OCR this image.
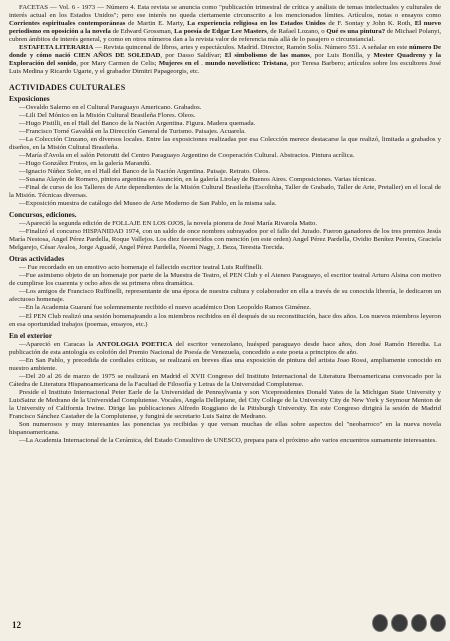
FACETAS — Vol. 6 - 1973 — Número 4. Esta revista se anuncia como "publicación trimestral de crítica y análisis de temas intelectuales y culturales de interés actual en los Estados Unidos"; pero ese interés no queda ciertamente circunscrito a los mencionados límites. Artículos, notas o ensayos como Corrientes espirituales contemporáneas de Martin E. Marty, La experiencia religiosa en los Estados Unidos de F. Sontay y John K. Roth, El nuevo periodismo en oposición a la novela de Edward Grossman, La poesía de Edgar Lee Masters, de Rafael Lozano, o Qué es una pintura? de Michael Polanyi, cubren ámbitos de interés general, y como en otros números dan a la revista valor de referencia más allá de lo pasajero o circunstancial.

ESTAFETA LITERARIA — Revista quincenal de libros, artes y espectáculos. Madrid. Director, Ramón Solís. Número 551. A señalar en este número De donde y cómo nació CIEN AÑOS DE SOLEDAD, por Dasso Saldívar; El simbolismo de las manos, por Luis Bonilla, y Mester Quadreny y la Exploración del sonido, por Mary Carmen de Celis; Mujeres en el . mundo novelístico: Tristana, por Teresa Barbero; artículos sobre los escultores José Luis Medina y Ricardo Ugarte, y el grabador Dimitri Papageorgis, etc.

ACTIVIDADES CULTURALES
Exposiciones

—Osvaldo Salerno en el Cultural Paraguayo Americano. Grabados.

—Lili Del Mónico en la Misión Cultural Brasileña Flores. Oleos.

—Hugo Pistilli, en el Hall del Banco de la Nación Argentina. Figura. Madera quemada.

—Francisco Torné Gavaldá en la Dirección General de Turismo. Paisajes. Acuarela.

—La Colección Cinzano, en diversos locales. Entre las exposiciones realizadas por esa Colección merece destacarse la que realizó, limitada a grabados y diseños, en la Misión Cultural Brasileña.

—María d'Avola en el salón Petorutti del Centro Paraguayo Argentino de Cooperación Cultural. Abstractos. Pintura acrílica.

—Hugo González Frutos, en la galería Marandú.

—Ignacio Núñez Soler, en el Hall del Banco de la Nación Argentina. Paisaje. Retrato. Oleos.

—Susana Alayón de Romero, pintora argentina en Asunción, en la galería Lirolay de Buenos Aires. Composiciones. Varias técnicas.

—Final de curso de los Talleres de Arte dependientes de la Misión Cultural Brasileña (Escolinha, Taller de Grabado, Taller de Arte, Pretaller) en el local de la Misión. Técnicas diversas.

—Exposición muestra de catálogo del Museo de Arte Moderno de San Pablo, en la misma sala.

Concursos, ediciones.

—Apareció la segunda edición de FOLLAJE EN LOS OJOS, la novela pionera de José María Rivarola Matto.

—Finalizó el concurso HISPANIDAD 1974, con un saldo de once nombres subrayados por el fallo del Jurado. Fueron ganadores de los tres premios Jesús María Nestosa, Angel Pérez Pardella, Roque Vallejos. Los diez favorecidos con mención (en este orden) Angel Pérez Pardella, Ovidio Benítez Pereira, Graciela Melgarejo, César Avalos, Jorge Aguadé, Angel Pérez Pardella, Noemí Nagy, J. Beza, Teresita Torcida.

Otras actividades

— Fue recordado en un emotivo acto homenaje el fallecido escritor teatral Luis Ruffinelli.

—Fue asimismo objeto de un homenaje por parte de la Muestra de Teatro, el PEN Club y el Ateneo Paraguayo, el escritor teatral Arturo Alsina con motivo de cumplirse los cuarenta y ocho años de su primera obra dramática.

—Los amigos de Francisco Ruffinelli, representante de una época de nuestra cultura y colaborador en ella a través de su conocida librería, le dedicaron un afectuoso homenaje.

—En la Academia Guaraní fue solemnemente recibido el nuevo académico Don Leopoldo Ramos Giménez.

—El PEN Club realizó una sesión homenajeando a los miembros recibidos en él después de su reconstitución, hace dos años. Los nuevos miembros leyeron en esa oportunidad trabajos (poemas, ensayos, etc.)

En el exterior

—Apareció en Caracas la ANTOLOGIA POETICA del escritor venezolano, huésped paraguayo desde hace años, don José Ramón Heredia. La publicación de esta antología es colofón del Premio Nacional de Poesía de Venezuela, concedido a este poeta a principios de año.

—En San Pablo, y precedida de cordiales críticas, se realizará en breves días una exposición de pintura del artista Joao Rossi, ampliamente conocido en nuestro ambiente.

—Del 20 al 26 de marzo de 1975 se realizará en Madrid el XVII Congreso del Instituto Internacional de Literatura Iberoamericana convocado por la Cátedra de Literatura Hispanoamericana de la Facultad de Filosofía y Letras de la Universidad Complutense.

Preside el Instituto Internacional Peter Earle de la Universidad de Pennsylvania y son Vicepresidentes Donald Yates de la Michigan State University y LuisSainz de Medrano de la Universidad Complutense. Vocales, Angela Dellepiane, del City College de la University City de New York y Seymour Menton de la University of California Irwine. Dirige las publicaciones Alfredo Roggiano de la Pittsburgh University. En este Congreso dirigirá la sesión de Madrid Francisco Sánchez Castañer de la Complutense, y fungirá de secretario Luis Sainz de Medrano.

Son numerosos y muy interesantes las ponencias ya recibidas y que versan muchas de ellas sobre aspectos del "neobarroco" en la nueva novela hispanoamericana.

—La Academia Internacional de la Cerámica, del Estado Consultivo de UNESCO, prepara para el próximo año varios encuentros sumamente interesantes.

12
